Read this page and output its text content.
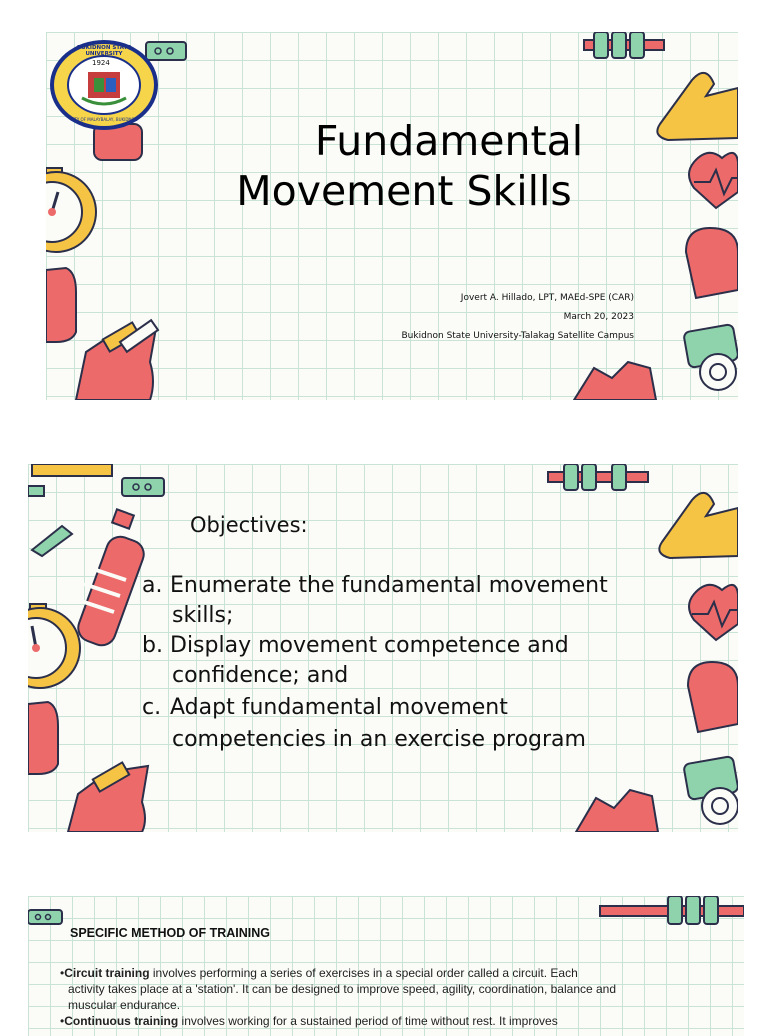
1924
BUKIDNON STATE UNIVERSITY
CITY OF MALAYBALAY, BUKIDNON	Fundamental
Movement Skills
Jovert A. Hillado, LPT, MAEd-SPE (CAR)
March 20, 2023
Bukidnon State University-Talakag Satellite Campus
Objectives:
a. Enumerate the fundamental movement
skills;
b. Display movement competence and
confidence; and
c. Adapt fundamental movement
competencies in an exercise program
SPECIFIC METHOD OF TRAINING

•Circuit training involves performing a series of exercises in a special order called a circuit. Each

activity takes place at a 'station'. It can be designed to improve speed, agility, coordination, balance and

muscular endurance.

•Continuous training involves working for a sustained period of time without rest. It improves
